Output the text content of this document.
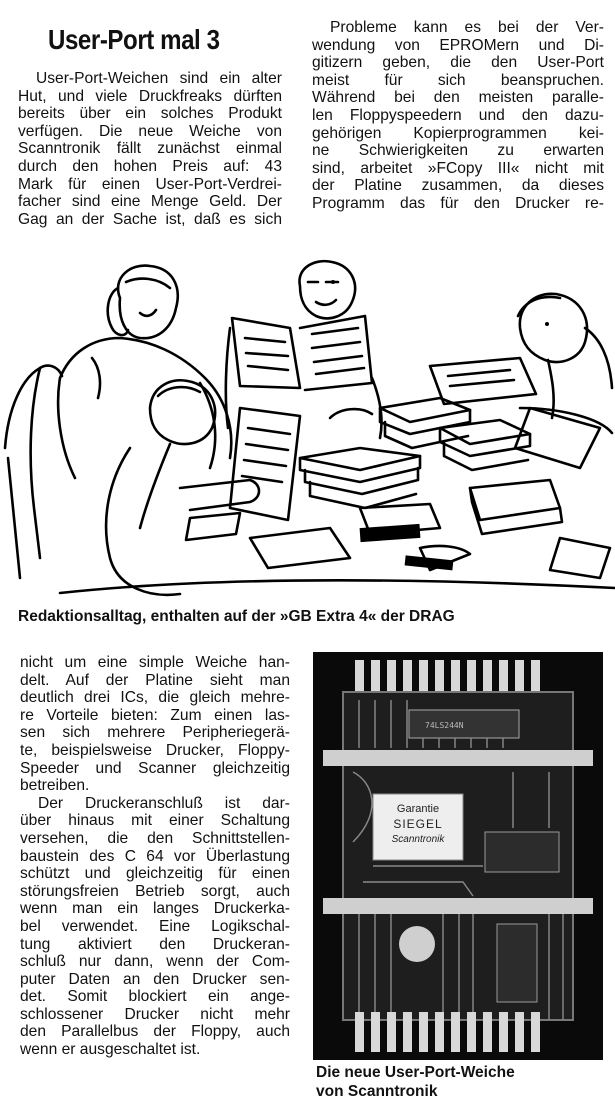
User-Port mal 3
User-Port-Weichen sind ein alter
Hut, und viele Druckfreaks dürften
bereits über ein solches Produkt
verfügen. Die neue Weiche von
Scanntronik fällt zunächst einmal
durch den hohen Preis auf: 43
Mark für einen User-Port-Verdrei-
facher sind eine Menge Geld. Der
Gag an der Sache ist, daß es sich
Probleme kann es bei der Ver-
wendung von EPROMern und Di-
gitizern geben, die den User-Port
meist für sich beanspruchen.
Während bei den meisten paralle-
len Floppyspeedern und den dazu-
gehörigen Kopierprogrammen kei-
ne Schwierigkeiten zu erwarten
sind, arbeitet »FCopy III« nicht mit
der Platine zusammen, da dieses
Programm das für den Drucker re-
Redaktionsalltag, enthalten auf der »GB Extra 4« der DRAG
nicht um eine simple Weiche han-
delt. Auf der Platine sieht man
deutlich drei ICs, die gleich mehre-
re Vorteile bieten: Zum einen las-
sen sich mehrere Peripheriegerä-
te, beispielsweise Drucker, Floppy-
Speeder und Scanner gleichzeitig
betreiben.
Der Druckeranschluß ist dar-
über hinaus mit einer Schaltung
versehen, die den Schnittstellen-
baustein des C 64 vor Überlastung
schützt und gleichzeitig für einen
störungsfreien Betrieb sorgt, auch
wenn man ein langes Druckerka-
bel verwendet. Eine Logikschal-
tung aktiviert den Druckeran-
schluß nur dann, wenn der Com-
puter Daten an den Drucker sen-
det. Somit blockiert ein ange-
schlossener Drucker nicht mehr
den Parallelbus der Floppy, auch
wenn er ausgeschaltet ist.
74LS244N
Garantie
SIEGEL
Scanntronik
Die neue User-Port-Weiche
von Scanntronik
